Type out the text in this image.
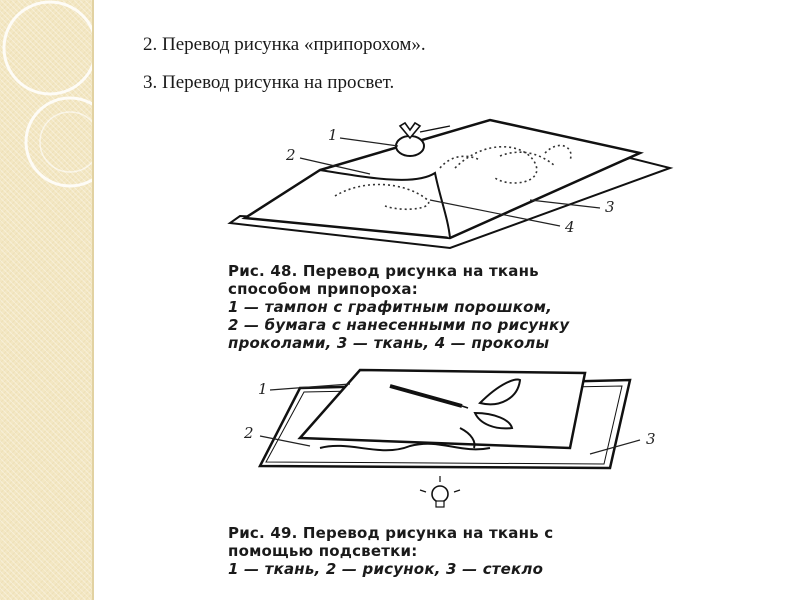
2. Перевод рисунка «припорохом».

3. Перевод рисунка на просвет.

1
2
3
4
Рис. 48. Перевод рисунка на ткань
способом припороха:
1 — тампон с графитным порошком,
2 — бумага с нанесенными по рисунку
проколами, 3 — ткань, 4 — проколы
1
2	3
Рис. 49. Перевод рисунка на ткань с
помощью подсветки:
1 — ткань, 2 — рисунок, 3 — стекло
